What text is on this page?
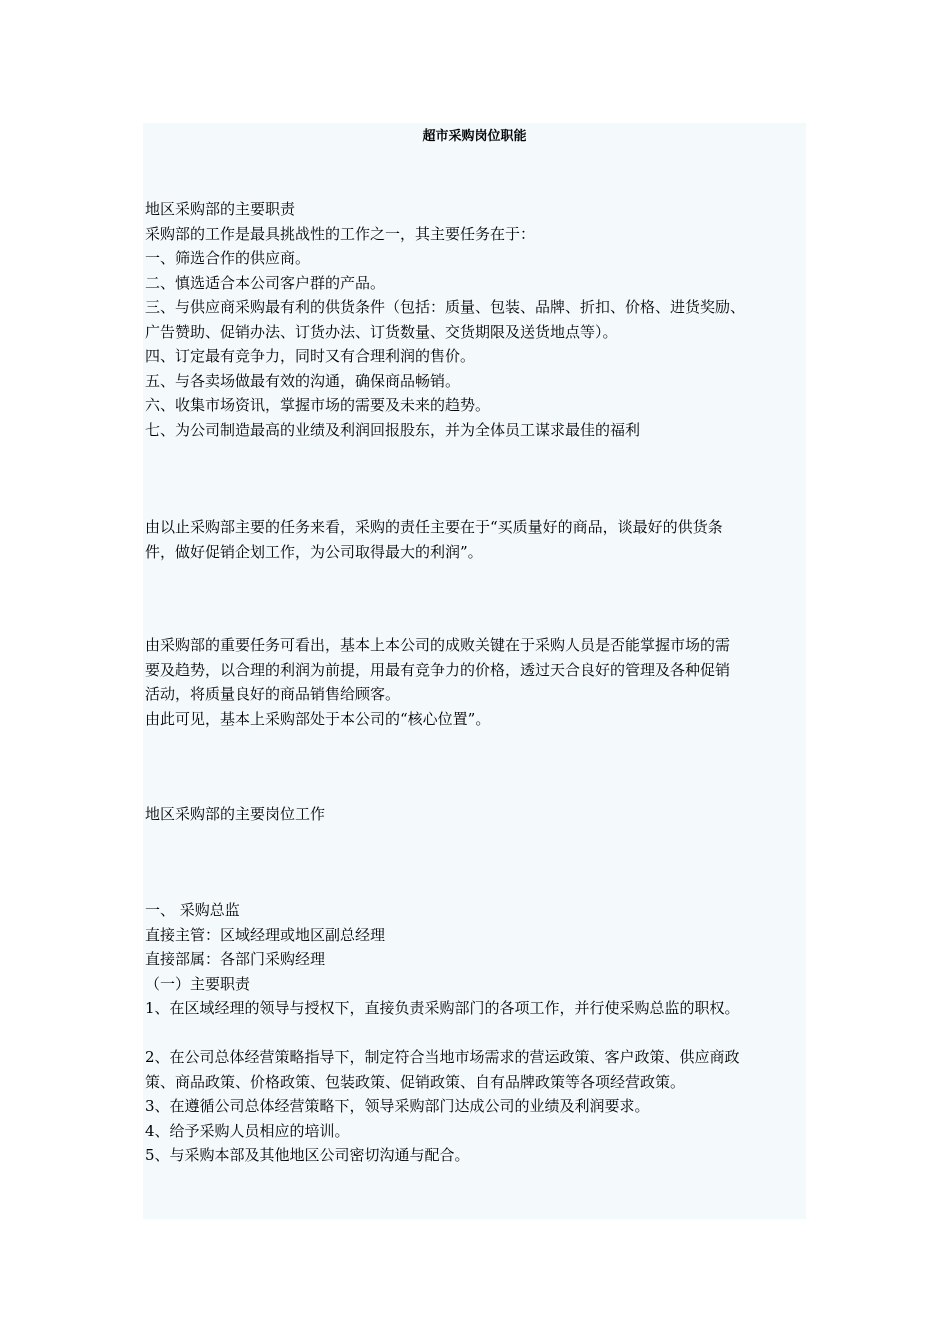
超市采购岗位职能
地区采购部的主要职责
采购部的工作是最具挑战性的工作之一，其主要任务在于：
一、筛选合作的供应商。
二、慎选适合本公司客户群的产品。
三、与供应商采购最有利的供货条件（包括：质量、包装、品牌、折扣、价格、进货奖励、
广告赞助、促销办法、订货办法、订货数量、交货期限及送货地点等）。
四、订定最有竞争力，同时又有合理利润的售价。
五、与各卖场做最有效的沟通，确保商品畅销。
六、收集市场资讯，掌握市场的需要及未来的趋势。
七、为公司制造最高的业绩及利润回报股东，并为全体员工谋求最佳的福利
由以止采购部主要的任务来看，采购的责任主要在于“买质量好的商品，谈最好的供货条
件，做好促销企划工作，为公司取得最大的利润”。
由采购部的重要任务可看出，基本上本公司的成败关键在于采购人员是否能掌握市场的需
要及趋势，以合理的利润为前提，用最有竞争力的价格，透过天合良好的管理及各种促销
活动，将质量良好的商品销售给顾客。
由此可见，基本上采购部处于本公司的“核心位置”。
地区采购部的主要岗位工作
一、 采购总监
直接主管：区域经理或地区副总经理
直接部属：各部门采购经理
（一）主要职责
1、在区域经理的领导与授权下，直接负责采购部门的各项工作，并行使采购总监的职权。
2、在公司总体经营策略指导下，制定符合当地市场需求的营运政策、客户政策、供应商政
策、商品政策、价格政策、包装政策、促销政策、自有品牌政策等各项经营政策。
3、在遵循公司总体经营策略下，领导采购部门达成公司的业绩及利润要求。
4、给予采购人员相应的培训。
5、与采购本部及其他地区公司密切沟通与配合。
